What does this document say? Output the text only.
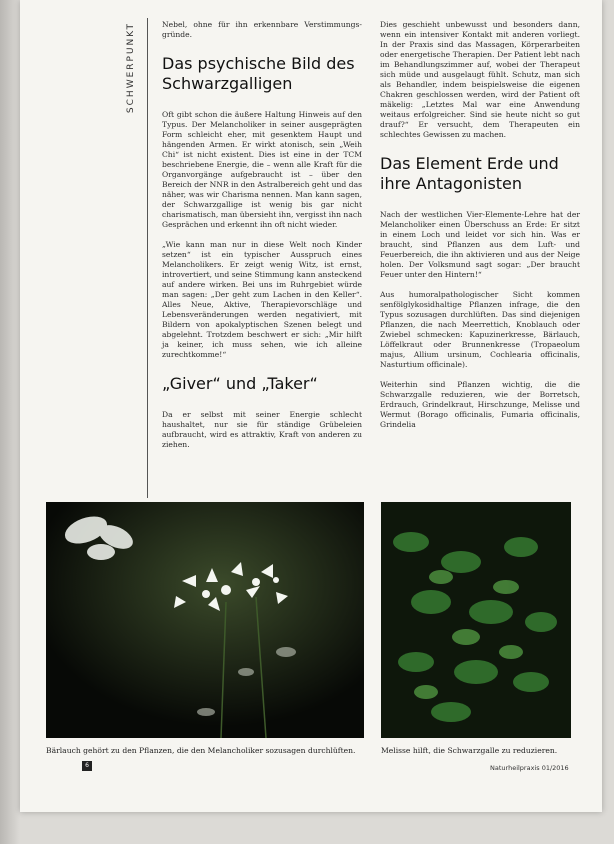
SCHWERPUNKT	Nebel, ohne für ihn erkennbare Verstimmungs-gründe.

Das psychische Bild des Schwarzgalligen

Oft gibt schon die äußere Haltung Hinweis auf den Typus. Der Melancholiker in seiner ausgeprägten Form schleicht eher, mit gesenktem Haupt und hängenden Armen. Er wirkt atonisch, sein „Weih Chi“ ist nicht existent. Dies ist eine in der TCM beschriebene Energie, die – wenn alle Kraft für die Organvorgänge aufgebraucht ist – über den Bereich der NNR in den Astralbereich geht und das näher, was wir Charisma nennen. Man kann sagen, der Schwarzgallige ist wenig bis gar nicht charismatisch, man übersieht ihn, vergisst ihn nach Gesprächen und erkennt ihn oft nicht wieder.

„Wie kann man nur in diese Welt noch Kinder setzen“ ist ein typischer Ausspruch eines Melancholikers. Er zeigt wenig Witz, ist ernst, introvertiert, und seine Stimmung kann ansteckend auf andere wirken. Bei uns im Ruhrgebiet würde man sagen: „Der geht zum Lachen in den Keller“. Alles Neue, Aktive, Therapievorschläge und Lebensveränderungen werden negativiert, mit Bildern von apokalyptischen Szenen belegt und abgelehnt. Trotzdem beschwert er sich: „Mir hilft ja keiner, ich muss sehen, wie ich alleine zurechtkomme!“

„Giver“ und „Taker“

Da er selbst mit seiner Energie schlecht haushaltet, nur sie für ständige Grübeleien aufbraucht, wird es attraktiv, Kraft von anderen zu ziehen.

Dies geschieht unbewusst und besonders dann, wenn ein intensiver Kontakt mit anderen vorliegt. In der Praxis sind das Massagen, Körperarbeiten oder energetische Therapien. Der Patient lebt nach im Behandlungszimmer auf, wobei der Therapeut sich müde und ausgelaugt fühlt. Schutz, man sich als Behandler, indem beispielsweise die eigenen Chakren geschlossen werden, wird der Patient oft mäkelig: „Letztes Mal war eine Anwendung weitaus erfolgreicher. Sind sie heute nicht so gut drauf?“ Er versucht, dem Therapeuten ein schlechtes Gewissen zu machen.

Das Element Erde und ihre Antagonisten

Nach der westlichen Vier-Elemente-Lehre hat der Melancholiker einen Überschuss an Erde: Er sitzt in einem Loch und leidet vor sich hin. Was er braucht, sind Pflanzen aus dem Luft- und Feuerbereich, die ihn aktivieren und aus der Neige holen. Der Volksmund sagt sogar: „Der braucht Feuer unter den Hintern!“

Aus humoralpathologischer Sicht kommen senfölglykosidhaltige Pflanzen infrage, die den Typus sozusagen durchlüften. Das sind diejenigen Pflanzen, die nach Meerrettich, Knoblauch oder Zwiebel schmecken: Kapuzinerkresse, Bärlauch, Löffelkraut oder Brunnenkresse (Tropaeolum majus, Allium ursinum, Cochlearia officinalis, Nasturtium officinale).

Weiterhin sind Pflanzen wichtig, die die Schwarzgalle reduzieren, wie der Borretsch, Erdrauch, Grindelkraut, Hirschzunge, Melisse und Wermut (Borago officinalis, Fumaria officinalis, Grindelia

Bärlauch gehört zu den Pflanzen, die den Melancholiker sozusagen durchlüften.	Melisse hilft, die Schwarzgalle zu reduzieren.
6	Naturheilpraxis 01/2016
